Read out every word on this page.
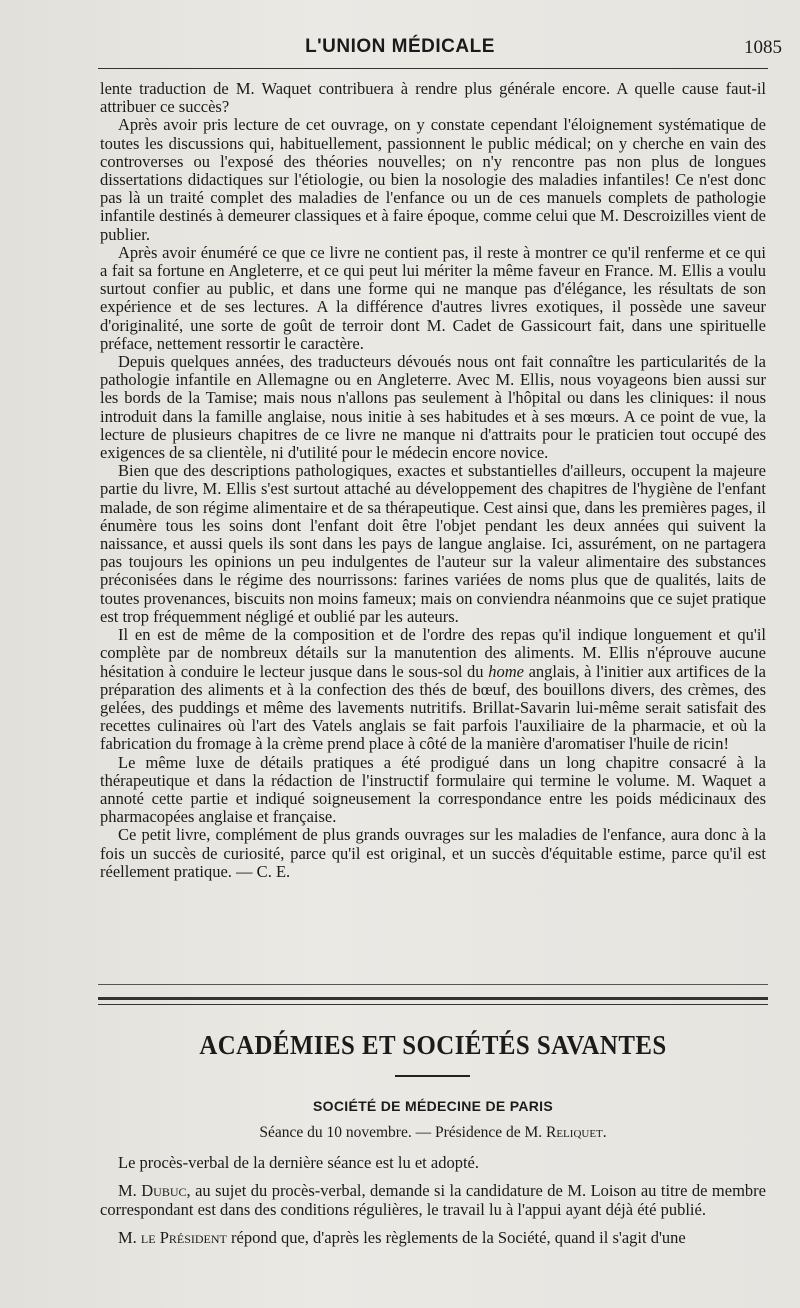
L'UNION MÉDICALE	1085

lente traduction de M. Waquet contribuera à rendre plus générale encore. A quelle cause faut-il attribuer ce succès?

Après avoir pris lecture de cet ouvrage, on y constate cependant l'éloignement systématique de toutes les discussions qui, habituellement, passionnent le public médical; on y cherche en vain des controverses ou l'exposé des théories nouvelles; on n'y rencontre pas non plus de longues dissertations didactiques sur l'étiologie, ou bien la nosologie des maladies infantiles! Ce n'est donc pas là un traité complet des maladies de l'enfance ou un de ces manuels complets de pathologie infantile destinés à demeurer classiques et à faire époque, comme celui que M. Descroizilles vient de publier.

Après avoir énuméré ce que ce livre ne contient pas, il reste à montrer ce qu'il renferme et ce qui a fait sa fortune en Angleterre, et ce qui peut lui mériter la même faveur en France. M. Ellis a voulu surtout confier au public, et dans une forme qui ne manque pas d'élégance, les résultats de son expérience et de ses lectures. A la différence d'autres livres exotiques, il possède une saveur d'originalité, une sorte de goût de terroir dont M. Cadet de Gassicourt fait, dans une spirituelle préface, nettement ressortir le caractère.

Depuis quelques années, des traducteurs dévoués nous ont fait connaître les particularités de la pathologie infantile en Allemagne ou en Angleterre. Avec M. Ellis, nous voyageons bien aussi sur les bords de la Tamise; mais nous n'allons pas seulement à l'hôpital ou dans les cliniques: il nous introduit dans la famille anglaise, nous initie à ses habitudes et à ses mœurs. A ce point de vue, la lecture de plusieurs chapitres de ce livre ne manque ni d'attraits pour le praticien tout occupé des exigences de sa clientèle, ni d'utilité pour le médecin encore novice.

Bien que des descriptions pathologiques, exactes et substantielles d'ailleurs, occupent la majeure partie du livre, M. Ellis s'est surtout attaché au développement des chapitres de l'hygiène de l'enfant malade, de son régime alimentaire et de sa thérapeutique. Cest ainsi que, dans les premières pages, il énumère tous les soins dont l'enfant doit être l'objet pendant les deux années qui suivent la naissance, et aussi quels ils sont dans les pays de langue anglaise. Ici, assurément, on ne partagera pas toujours les opinions un peu indulgentes de l'auteur sur la valeur alimentaire des substances préconisées dans le régime des nourrissons: farines variées de noms plus que de qualités, laits de toutes provenances, biscuits non moins fameux; mais on conviendra néanmoins que ce sujet pratique est trop fréquemment négligé et oublié par les auteurs.

Il en est de même de la composition et de l'ordre des repas qu'il indique longuement et qu'il complète par de nombreux détails sur la manutention des aliments. M. Ellis n'éprouve aucune hésitation à conduire le lecteur jusque dans le sous-sol du home anglais, à l'initier aux artifices de la préparation des aliments et à la confection des thés de bœuf, des bouillons divers, des crèmes, des gelées, des puddings et même des lavements nutritifs. Brillat-Savarin lui-même serait satisfait des recettes culinaires où l'art des Vatels anglais se fait parfois l'auxiliaire de la pharmacie, et où la fabrication du fromage à la crème prend place à côté de la manière d'aromatiser l'huile de ricin!

Le même luxe de détails pratiques a été prodigué dans un long chapitre consacré à la thérapeutique et dans la rédaction de l'instructif formulaire qui termine le volume. M. Waquet a annoté cette partie et indiqué soigneusement la correspondance entre les poids médicinaux des pharmacopées anglaise et française.

Ce petit livre, complément de plus grands ouvrages sur les maladies de l'enfance, aura donc à la fois un succès de curiosité, parce qu'il est original, et un succès d'équitable estime, parce qu'il est réellement pratique. — C. E.

ACADÉMIES ET SOCIÉTÉS SAVANTES
SOCIÉTÉ DE MÉDECINE DE PARIS
Séance du 10 novembre. — Présidence de M. Reliquet.

Le procès-verbal de la dernière séance est lu et adopté.

M. Dubuc, au sujet du procès-verbal, demande si la candidature de M. Loison au titre de membre correspondant est dans des conditions régulières, le travail lu à l'appui ayant déjà été publié.

M. le Président répond que, d'après les règlements de la Société, quand il s'agit d'une
